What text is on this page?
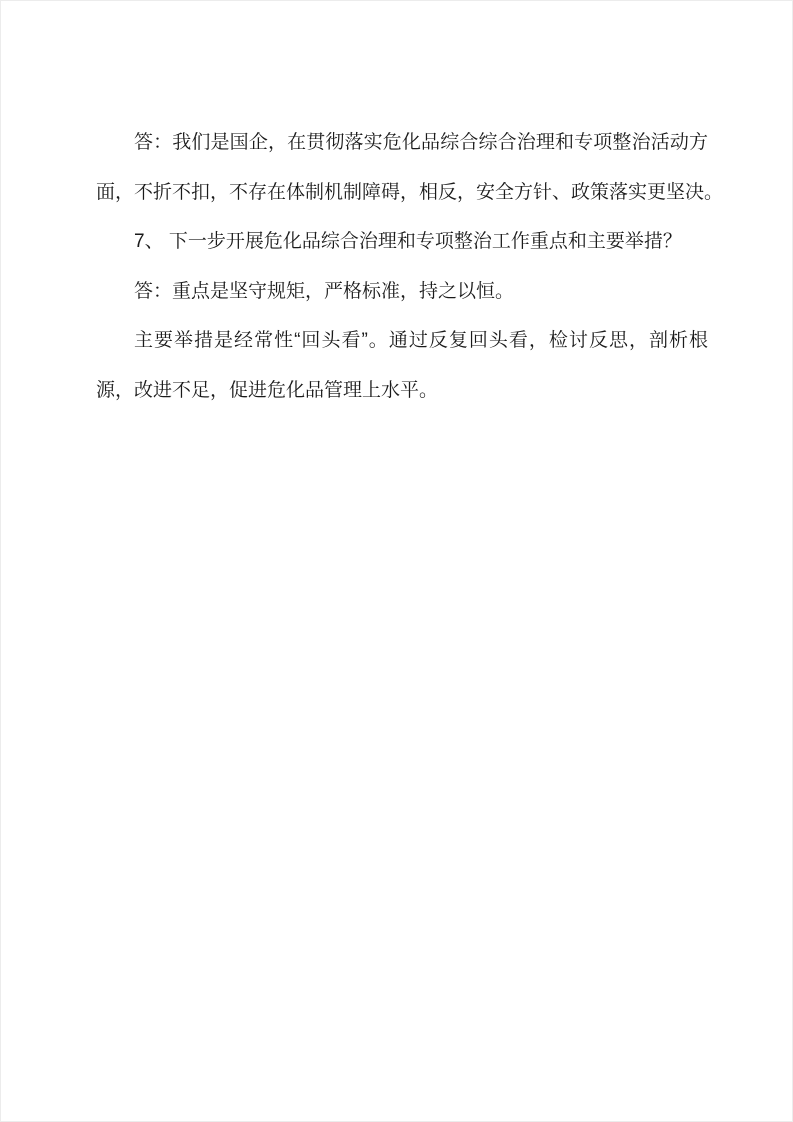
答：我们是国企，在贯彻落实危化品综合综合治理和专项整治活动方
面，不折不扣，不存在体制机制障碍，相反，安全方针、政策落实更坚决。
7、 下一步开展危化品综合治理和专项整治工作重点和主要举措？
答：重点是坚守规矩，严格标准，持之以恒。
主要举措是经常性“回头看”。通过反复回头看，检讨反思，剖析根
源，改进不足，促进危化品管理上水平。
